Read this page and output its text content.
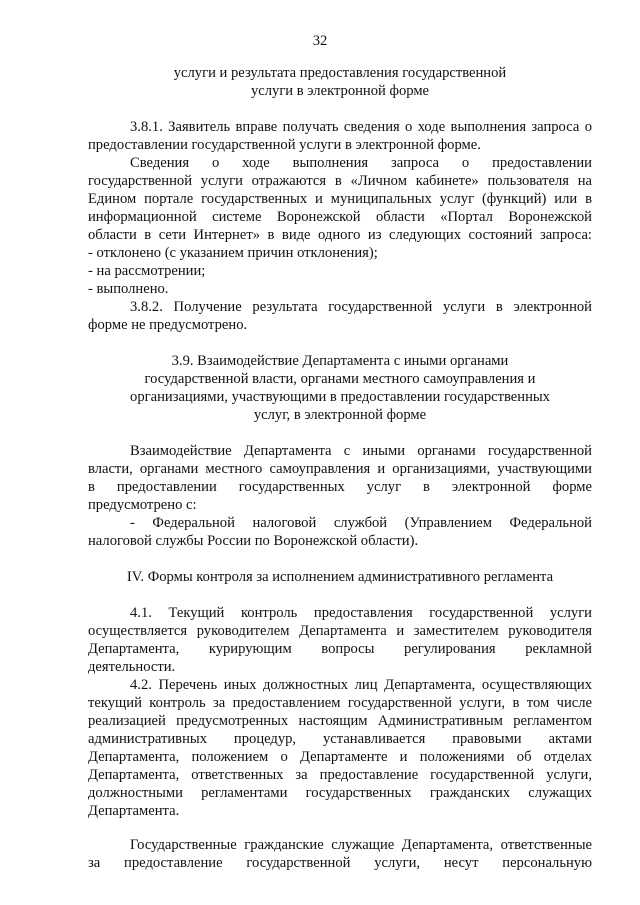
32
услуги и результата предоставления государственной
услуги в электронной форме
3.8.1. Заявитель вправе получать сведения о ходе выполнения запроса о
предоставлении государственной услуги в электронной форме.
Сведения о ходе выполнения запроса о предоставлении
государственной услуги отражаются в «Личном кабинете» пользователя на
Едином портале государственных и муниципальных услуг (функций) или в
информационной системе Воронежской области «Портал Воронежской
области в сети Интернет» в виде одного из следующих состояний запроса:
- отклонено (с указанием причин отклонения);
- на рассмотрении;
- выполнено.
3.8.2. Получение результата государственной услуги в электронной
форме не предусмотрено.
3.9. Взаимодействие Департамента с иными органами
государственной власти, органами местного самоуправления и
организациями, участвующими в предоставлении государственных
услуг, в электронной форме
Взаимодействие Департамента с иными органами государственной
власти, органами местного самоуправления и организациями, участвующими
в предоставлении государственных услуг в электронной форме
предусмотрено с:
- Федеральной налоговой службой (Управлением Федеральной
налоговой службы России по Воронежской области).
IV. Формы контроля за исполнением административного регламента
4.1. Текущий контроль предоставления государственной услуги
осуществляется руководителем Департамента и заместителем руководителя
Департамента, курирующим вопросы регулирования рекламной
деятельности.
4.2. Перечень иных должностных лиц Департамента, осуществляющих
текущий контроль за предоставлением государственной услуги, в том числе
реализацией предусмотренных настоящим Административным регламентом
административных процедур, устанавливается правовыми актами
Департамента, положением о Департаменте и положениями об отделах
Департамента, ответственных за предоставление государственной услуги,
должностными регламентами государственных гражданских служащих
Департамента.
Государственные гражданские служащие Департамента, ответственные
за предоставление государственной услуги, несут персональную
